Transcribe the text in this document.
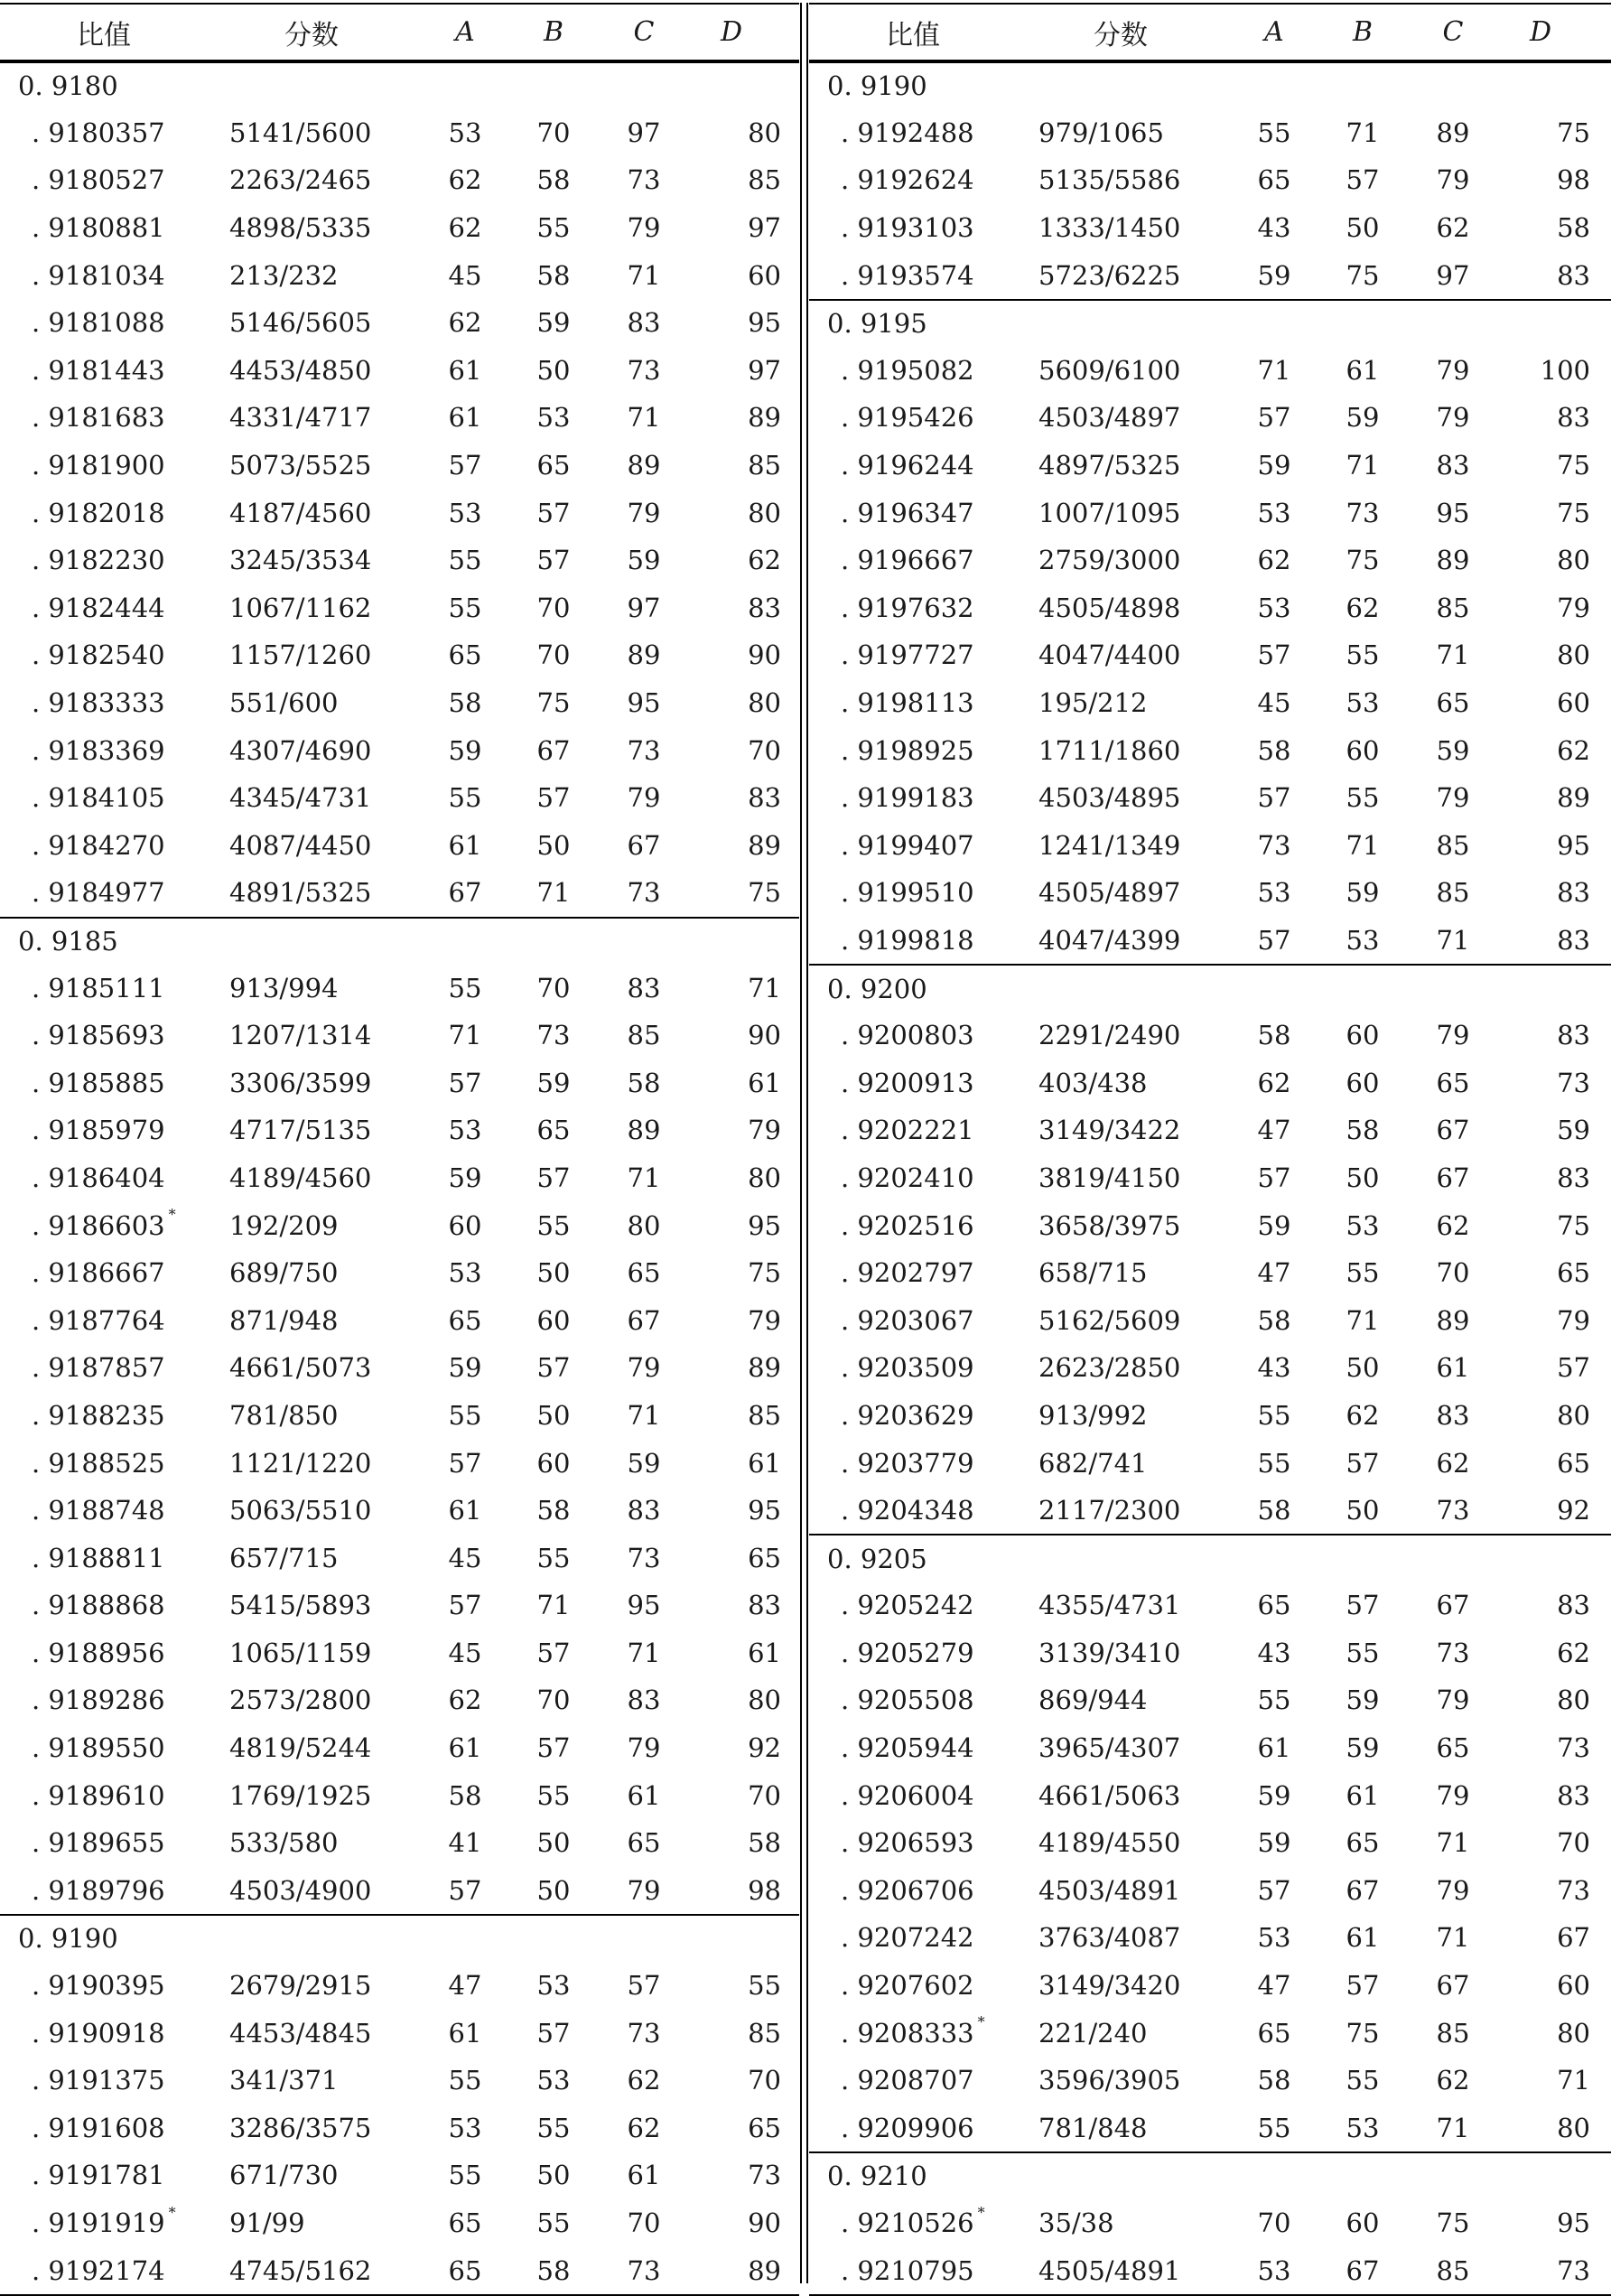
比值	分数	A	B	C	D
0. 9180
. 9180357 5141/5600	53	70	97	80
. 9180527 2263/2465	62	58	73	85
. 9180881 4898/5335	62	55	79	97
. 9181034 213/232	45	58	71	60
. 9181088 5146/5605	62	59	83	95
. 9181443 4453/4850	61	50	73	97
. 9181683 4331/4717	61	53	71	89
. 9181900 5073/5525	57	65	89	85
. 9182018 4187/4560	53	57	79	80
. 9182230 3245/3534	55	57	59	62
. 9182444 1067/1162	55	70	97	83
. 9182540 1157/1260	65	70	89	90
. 9183333 551/600	58	75	95	80
. 9183369 4307/4690	59	67	73	70
. 9184105 4345/4731	55	57	79	83
. 9184270 4087/4450	61	50	67	89
. 9184977 4891/5325	67	71	73	75
0. 9185
. 9185111 913/994	55	70	83	71
. 9185693 1207/1314	71	73	85	90
. 9185885 3306/3599	57	59	58	61
. 9185979 4717/5135	53	65	89	79
. 9186404 4189/4560	59	57	71	80
. 9186603 * 192/209	60	55	80	95
. 9186667 689/750	53	50	65	75
. 9187764 871/948	65	60	67	79
. 9187857 4661/5073	59	57	79	89
. 9188235 781/850	55	50	71	85
. 9188525 1121/1220	57	60	59	61
. 9188748 5063/5510	61	58	83	95
. 9188811 657/715	45	55	73	65
. 9188868 5415/5893	57	71	95	83
. 9188956 1065/1159	45	57	71	61
. 9189286 2573/2800	62	70	83	80
. 9189550 4819/5244	61	57	79	92
. 9189610 1769/1925	58	55	61	70
. 9189655 533/580	41	50	65	58
. 9189796 4503/4900	57	50	79	98
0. 9190
. 9190395 2679/2915	47	53	57	55
. 9190918 4453/4845	61	57	73	85
. 9191375 341/371	55	53	62	70
. 9191608 3286/3575	53	55	62	65
. 9191781 671/730	55	50	61	73
. 9191919 * 91/99	65	55	70	90
. 9192174 4745/5162	65	58	73	89
比值	分数	A	B	C	D
0. 9190
. 9192488 979/1065	55	71	89	75
. 9192624 5135/5586	65	57	79	98
. 9193103 1333/1450	43	50	62	58
. 9193574 5723/6225	59	75	97	83
0. 9195
. 9195082 5609/6100	71	61	79	100
. 9195426 4503/4897	57	59	79	83
. 9196244 4897/5325	59	71	83	75
. 9196347 1007/1095	53	73	95	75
. 9196667 2759/3000	62	75	89	80
. 9197632 4505/4898	53	62	85	79
. 9197727 4047/4400	57	55	71	80
. 9198113 195/212	45	53	65	60
. 9198925 1711/1860	58	60	59	62
. 9199183 4503/4895	57	55	79	89
. 9199407 1241/1349	73	71	85	95
. 9199510 4505/4897	53	59	85	83
. 9199818 4047/4399	57	53	71	83
0. 9200
. 9200803 2291/2490	58	60	79	83
. 9200913 403/438	62	60	65	73
. 9202221 3149/3422	47	58	67	59
. 9202410 3819/4150	57	50	67	83
. 9202516 3658/3975	59	53	62	75
. 9202797 658/715	47	55	70	65
. 9203067 5162/5609	58	71	89	79
. 9203509 2623/2850	43	50	61	57
. 9203629 913/992	55	62	83	80
. 9203779 682/741	55	57	62	65
. 9204348 2117/2300	58	50	73	92
0. 9205
. 9205242 4355/4731	65	57	67	83
. 9205279 3139/3410	43	55	73	62
. 9205508 869/944	55	59	79	80
. 9205944 3965/4307	61	59	65	73
. 9206004 4661/5063	59	61	79	83
. 9206593 4189/4550	59	65	71	70
. 9206706 4503/4891	57	67	79	73
. 9207242 3763/4087	53	61	71	67
. 9207602 3149/3420	47	57	67	60
. 9208333 * 221/240	65	75	85	80
. 9208707 3596/3905	58	55	62	71
. 9209906 781/848	55	53	71	80
0. 9210
. 9210526 * 35/38	70	60	75	95
. 9210795 4505/4891	53	67	85	73
